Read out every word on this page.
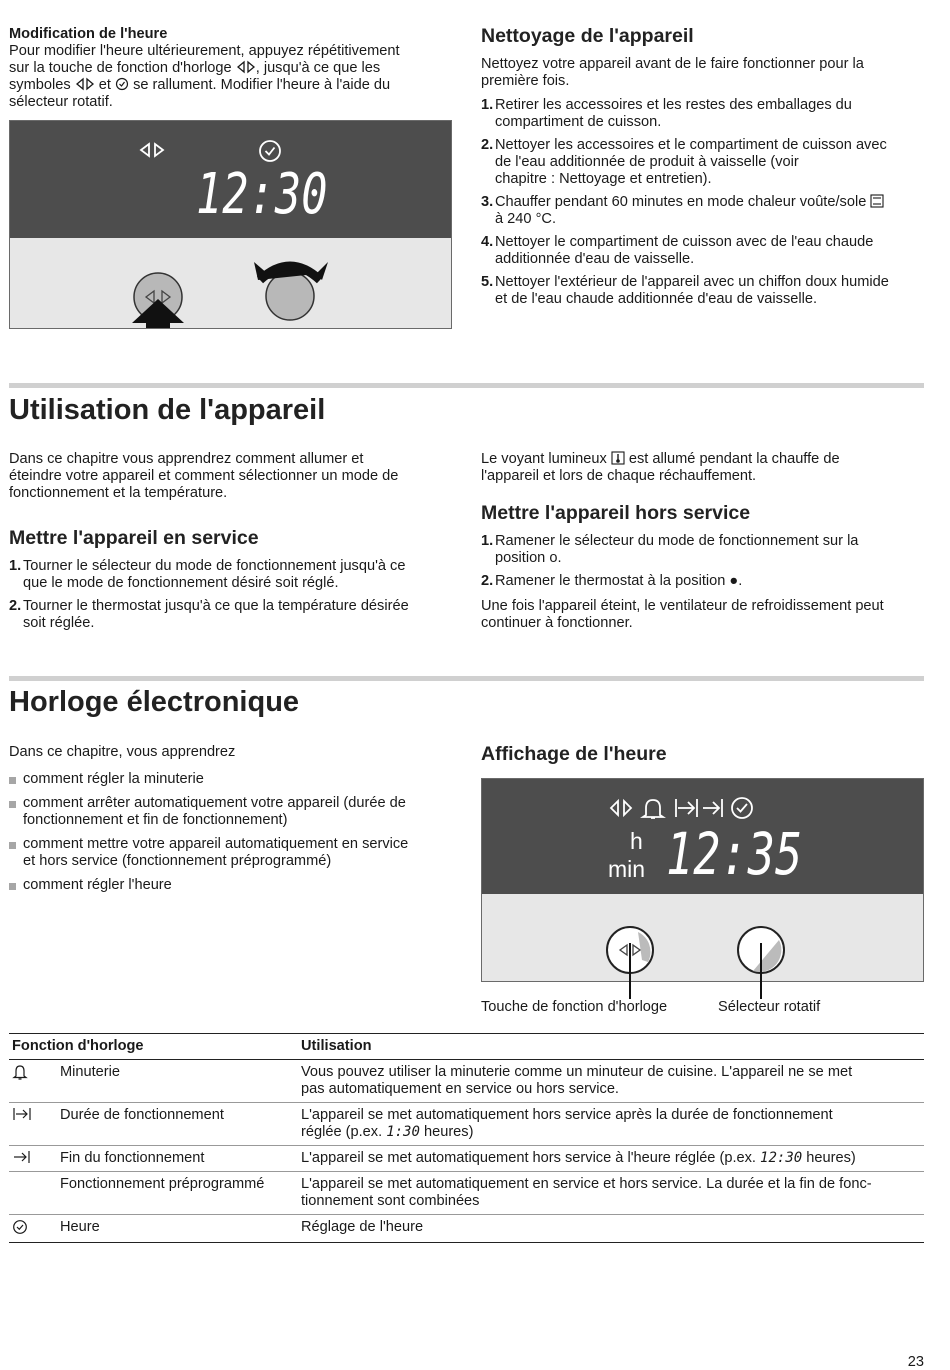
Modification de l'heure
Pour modifier l'heure ultérieurement, appuyez répétitivement
sur la touche de fonction d'horloge , jusqu'à ce que les
symboles et se rallument. Modifier l'heure à l'aide du
sélecteur rotatif.
12:30
Nettoyage de l'appareil
Nettoyez votre appareil avant de le faire fonctionner pour la
première fois.
1. Retirer les accessoires et les restes des emballages du
compartiment de cuisson.
2. Nettoyer les accessoires et le compartiment de cuisson avec
de l'eau additionnée de produit à vaisselle (voir
chapitre : Nettoyage et entretien).
3. Chauffer pendant 60 minutes en mode chaleur voûte/sole
à 240 °C.
4. Nettoyer le compartiment de cuisson avec de l'eau chaude
additionnée d'eau de vaisselle.
5. Nettoyer l'extérieur de l'appareil avec un chiffon doux humide
et de l'eau chaude additionnée d'eau de vaisselle.
Utilisation de l'appareil
Dans ce chapitre vous apprendrez comment allumer et
éteindre votre appareil et comment sélectionner un mode de
fonctionnement et la température.
Mettre l'appareil en service
1. Tourner le sélecteur du mode de fonctionnement jusqu'à ce
que le mode de fonctionnement désiré soit réglé.
2. Tourner le thermostat jusqu'à ce que la température désirée
soit réglée.
Le voyant lumineux est allumé pendant la chauffe de
l'appareil et lors de chaque réchauffement.
Mettre l'appareil hors service
1. Ramener le sélecteur du mode de fonctionnement sur la
position o.
2. Ramener le thermostat à la position ●.
Une fois l'appareil éteint, le ventilateur de refroidissement peut
continuer à fonctionner.
Horloge électronique
Dans ce chapitre, vous apprendrez
comment régler la minuterie
comment arrêter automatiquement votre appareil (durée de
fonctionnement et fin de fonctionnement)
comment mettre votre appareil automatiquement en service
et hors service (fonctionnement préprogrammé)
comment régler l'heure
Affichage de l'heure
h
min 12:35
Touche de fonction d'horloge	Sélecteur rotatif
Fonction d'horloge		Utilisation
	Minuterie	Vous pouvez utiliser la minuterie comme un minuteur de cuisine. L'appareil ne se met
pas automatiquement en service ou hors service.

	Durée de fonctionnement	L'appareil se met automatiquement hors service après la durée de fonctionnement
réglée (p.ex. 1:30 heures)

	Fin du fonctionnement	L'appareil se met automatiquement hors service à l'heure réglée (p.ex. 12:30 heures)
	Fonctionnement préprogrammé	L'appareil se met automatiquement en service et hors service. La durée et la fin de fonc-
tionnement sont combinées

	Heure	Réglage de l'heure
23
